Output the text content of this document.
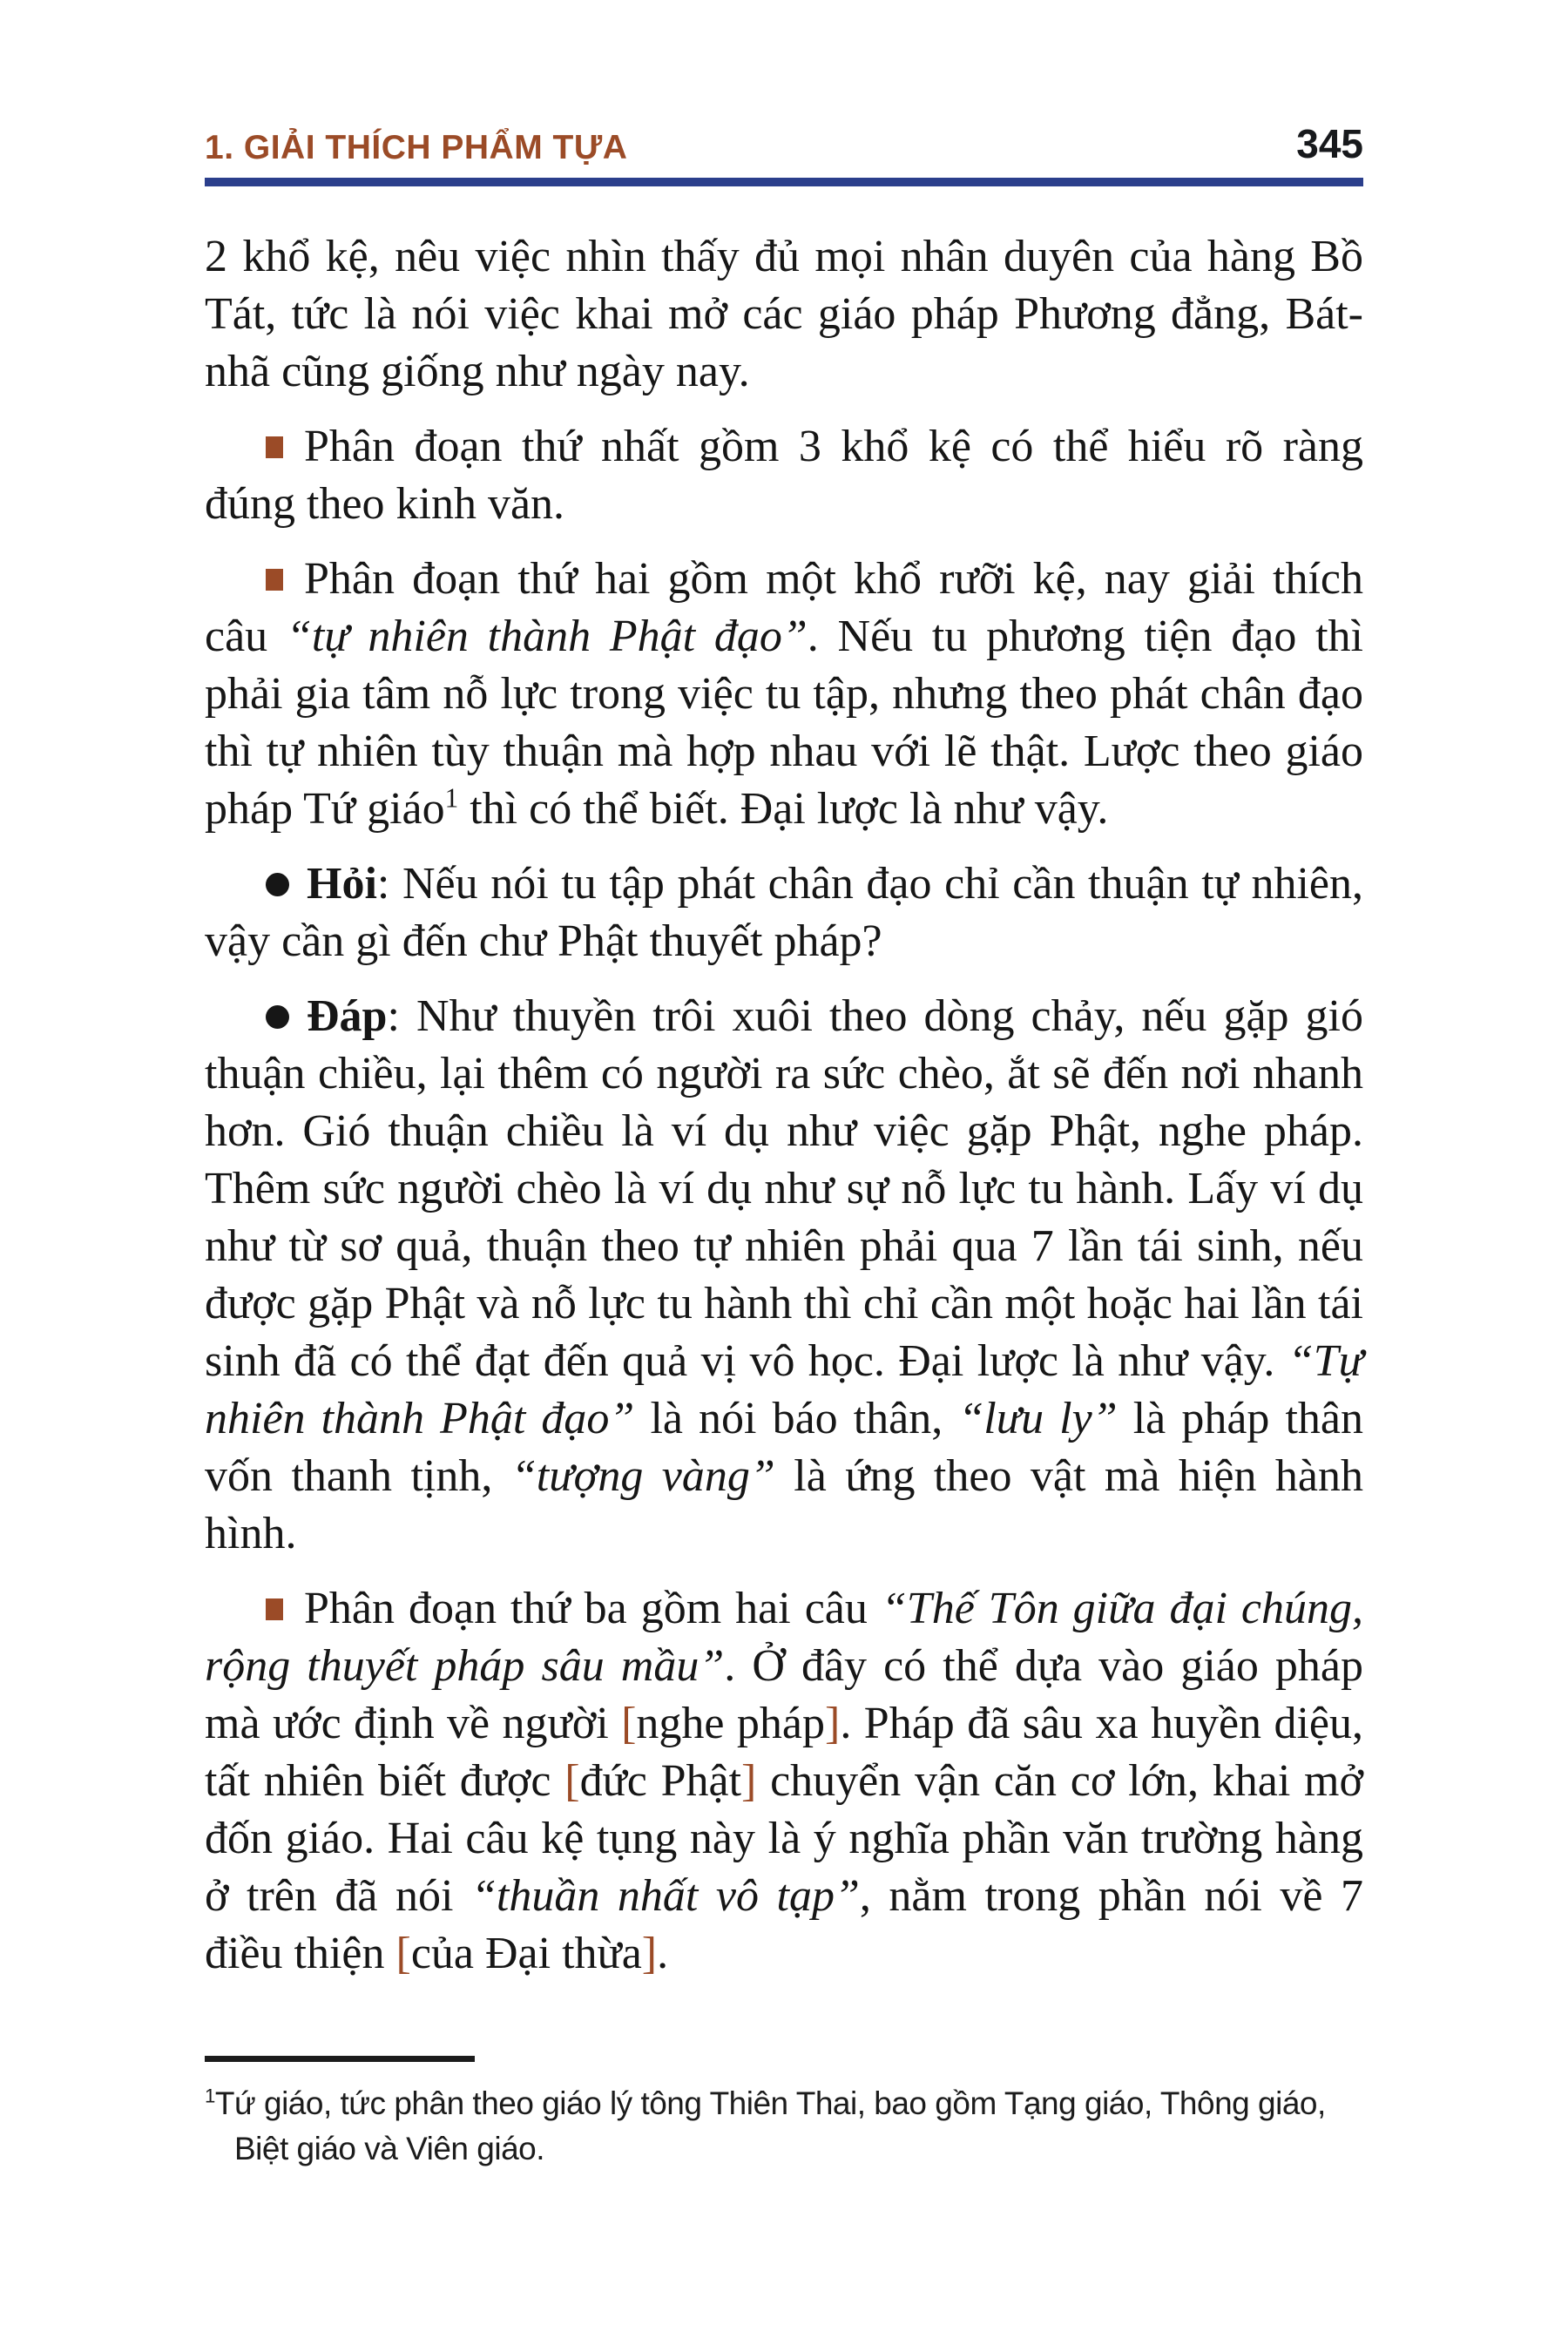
1. GIẢI THÍCH PHẨM TỰA	345

2 khổ kệ, nêu việc nhìn thấy đủ mọi nhân duyên của hàng Bồ Tát, tức là nói việc khai mở các giáo pháp Phương đẳng, Bát-nhã cũng giống như ngày nay.

Phân đoạn thứ nhất gồm 3 khổ kệ có thể hiểu rõ ràng đúng theo kinh văn.

Phân đoạn thứ hai gồm một khổ rưỡi kệ, nay giải thích câu “tự nhiên thành Phật đạo”. Nếu tu phương tiện đạo thì phải gia tâm nỗ lực trong việc tu tập, nhưng theo phát chân đạo thì tự nhiên tùy thuận mà hợp nhau với lẽ thật. Lược theo giáo pháp Tứ giáo$^1$ thì có thể biết. Đại lược là như vậy.

Hỏi: Nếu nói tu tập phát chân đạo chỉ cần thuận tự nhiên, vậy cần gì đến chư Phật thuyết pháp?

Đáp: Như thuyền trôi xuôi theo dòng chảy, nếu gặp gió thuận chiều, lại thêm có người ra sức chèo, ắt sẽ đến nơi nhanh hơn. Gió thuận chiều là ví dụ như việc gặp Phật, nghe pháp. Thêm sức người chèo là ví dụ như sự nỗ lực tu hành. Lấy ví dụ như từ sơ quả, thuận theo tự nhiên phải qua 7 lần tái sinh, nếu được gặp Phật và nỗ lực tu hành thì chỉ cần một hoặc hai lần tái sinh đã có thể đạt đến quả vị vô học. Đại lược là như vậy. “Tự nhiên thành Phật đạo” là nói báo thân, “lưu ly” là pháp thân vốn thanh tịnh, “tượng vàng” là ứng theo vật mà hiện hành hình.

Phân đoạn thứ ba gồm hai câu “Thế Tôn giữa đại chúng, rộng thuyết pháp sâu mầu”. Ở đây có thể dựa vào giáo pháp mà ước định về người [nghe pháp]. Pháp đã sâu xa huyền diệu, tất nhiên biết được [đức Phật] chuyển vận căn cơ lớn, khai mở đốn giáo. Hai câu kệ tụng này là ý nghĩa phần văn trường hàng ở trên đã nói “thuần nhất vô tạp”, nằm trong phần nói về 7 điều thiện [của Đại thừa].

$^1$Tứ giáo, tức phân theo giáo lý tông Thiên Thai, bao gồm Tạng giáo, Thông giáo, Biệt giáo và Viên giáo.
